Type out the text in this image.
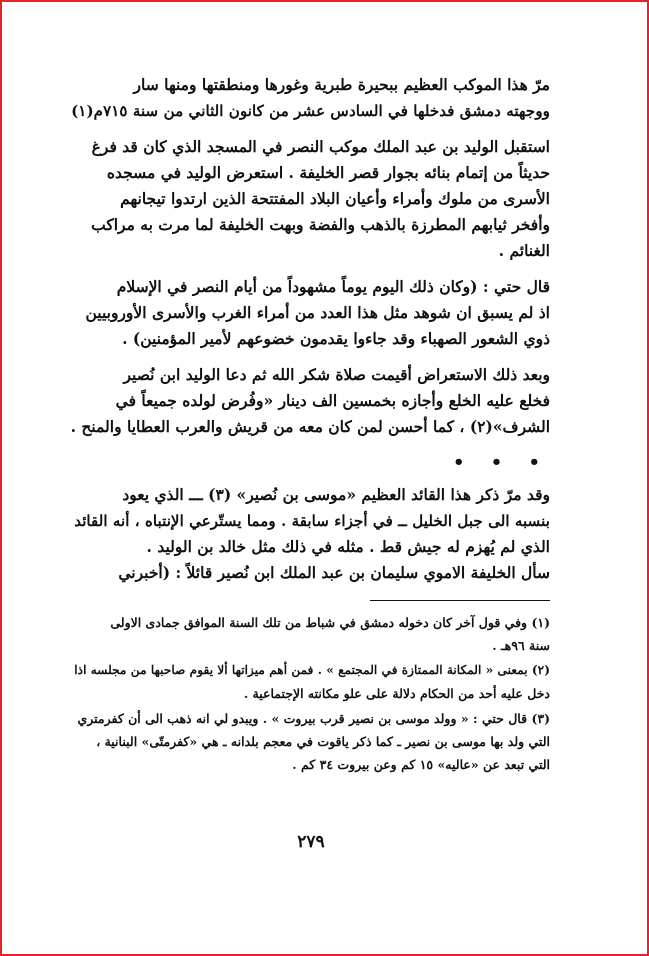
مرّ هذا الموكب العظيم ببحيرة طبرية وغورها ومنطقتها ومنها سار
ووجهته دمشق فدخلها في السادس عشر من كانون الثاني من سنة ٧١٥م(١)

استقبل الوليد بن عبد الملك موكب النصر في المسجد الذي كان قد فرغ
حديثاً من إتمام بنائه بجوار قصر الخليفة . استعرض الوليد في مسجده
الأسرى من ملوك وأمراء وأعيان البلاد المفتتحة الذين ارتدوا تيجانهم
وأفخر ثيابهم المطرزة بالذهب والفضة وبهت الخليفة لما مرت به مراكب
الغنائم .

قال حتي : (وكان ذلك اليوم يوماً مشهوداً من أيام النصر في الإسلام
اذ لم يسبق ان شوهد مثل هذا العدد من أمراء الغرب والأسرى الأوروبيين
ذوي الشعور الصهباء وقد جاءوا يقدمون خضوعهم لأمير المؤمنين) .

وبعد ذلك الاستعراض أقيمت صلاة شكر الله ثم دعا الوليد ابن نُصير
فخلع عليه الخلع وأجازه بخمسين الف دينار «وفُرض لولده جميعاً في
الشرف»(٢) ، كما أحسن لمن كان معه من قريش والعرب العطايا والمنح .

• • •

وقد مرّ ذكر هذا القائد العظيم «موسى بن نُصير» (٣) ـــ الذي يعود
بنسبه الى جبل الخليل ــ في أجزاء سابقة . ومما يستّرعي الإنتباه ، أنه القائد
الذي لم يُهزم له جيش قط . مثله في ذلك مثل خالد بن الوليد .
سأل الخليفة الاموي سليمان بن عبد الملك ابن نُصير قائلاً : (أخبرني

(١) وفي قول آخر كان دخوله دمشق في شباط من تلك السنة الموافق جمادى الاولى
سنة ٩٦هـ .

(٢) بمعنى « المكانة الممتازة في المجتمع » . فمن أهم ميزاتها ألا يقوم صاحبها من مجلسه اذا
دخل عليه أحد من الحكام دلالة على علو مكانته الإجتماعية .

(٣) قال حتي : « وولد موسى بن نصير قرب بيروت » . ويبدو لي انه ذهب الى أن كفرمتري
التي ولد بها موسى بن نصير ـ كما ذكر ياقوت في معجم بلدانه ـ هي «كفرمتّى» البنانية ،
التي تبعد عن «عاليه» ١٥ كم وعن بيروت ٣٤ كم .

٢٧٩
